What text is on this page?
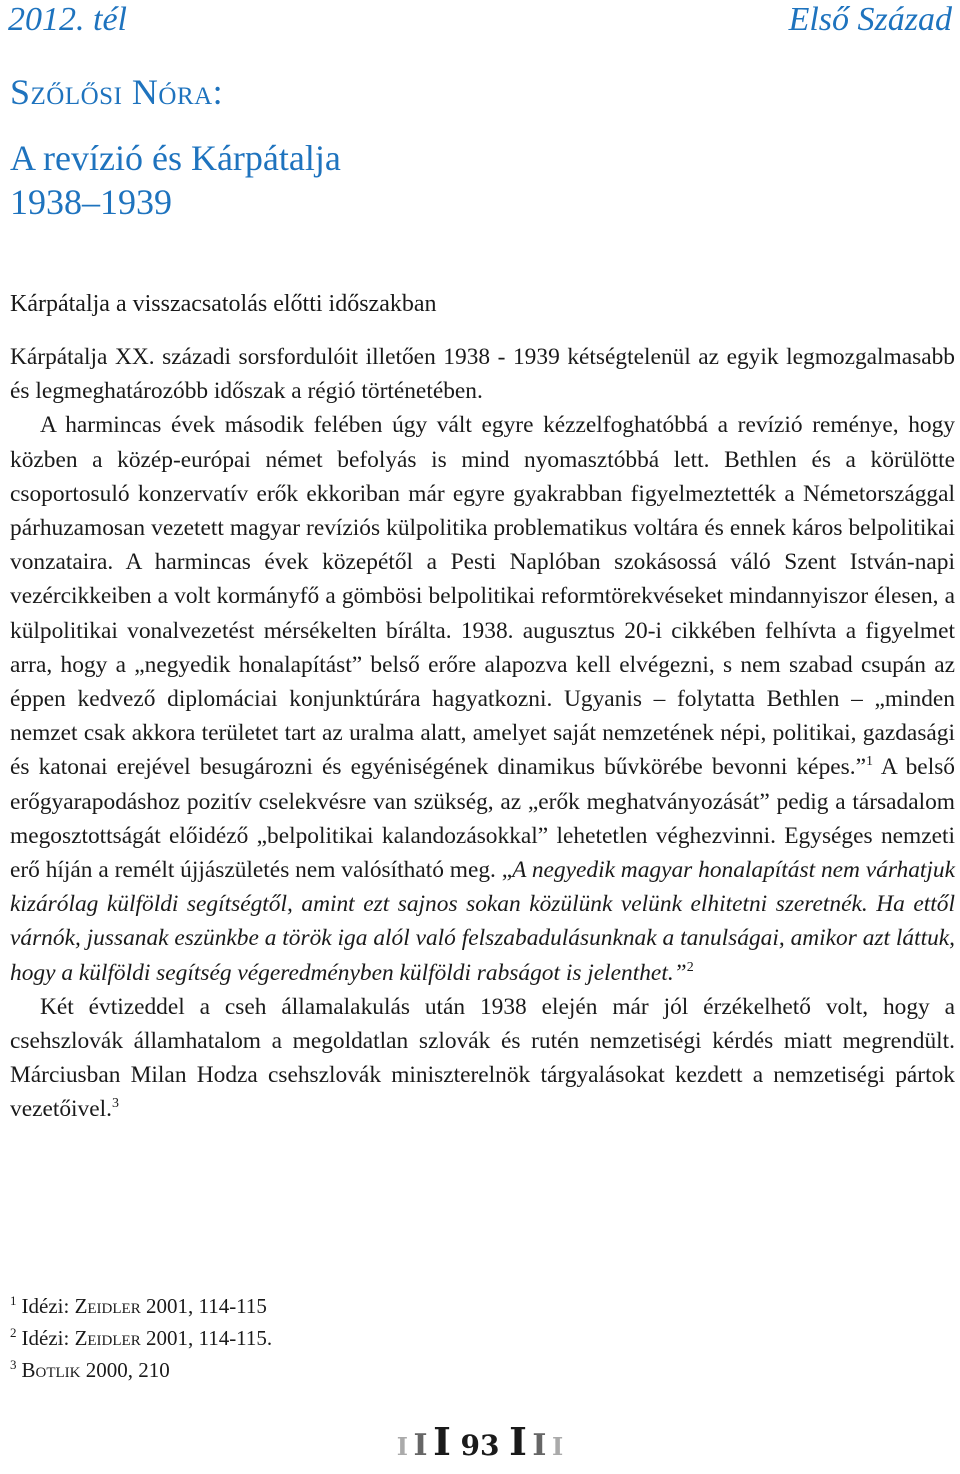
2012. tél	Első Század
Szőlősi Nóra:
A revízió és Kárpátalja
1938–1939
Kárpátalja a visszacsatolás előtti időszakban

Kárpátalja XX. századi sorsfordulóit illetően 1938 - 1939 kétségtelenül az egyik legmozgalmasabb és legmeghatározóbb időszak a régió történetében.

A harmincas évek második felében úgy vált egyre kézzelfoghatóbbá a revízió reménye, hogy közben a közép-európai német befolyás is mind nyomasztóbbá lett. Bethlen és a körülötte csoportosuló konzervatív erők ekkoriban már egyre gyakrabban figyelmeztették a Németországgal párhuzamosan vezetett magyar revíziós külpolitika problematikus voltára és ennek káros belpolitikai vonzataira. A harmincas évek közepétől a Pesti Naplóban szokásossá váló Szent István-napi vezércikkeiben a volt kormányfő a gömbösi belpolitikai reformtörekvéseket mindannyiszor élesen, a külpolitikai vonalvezetést mérsékelten bírálta. 1938. augusztus 20-i cikkében felhívta a figyelmet arra, hogy a „negyedik honalapítást” belső erőre alapozva kell elvégezni, s nem szabad csupán az éppen kedvező diplomáciai konjunktúrára hagyatkozni. Ugyanis – folytatta Bethlen – „minden nemzet csak akkora területet tart az uralma alatt, amelyet saját nemzetének népi, politikai, gazdasági és katonai erejével besugározni és egyéniségének dinamikus bűvkörébe bevonni képes.”$^1$ A belső erőgyarapodáshoz pozitív cselekvésre van szükség, az „erők meghatványozását” pedig a társadalom megosztottságát előidéző „belpolitikai kalandozásokkal” lehetetlen véghezvinni. Egységes nemzeti erő híján a remélt újjászületés nem valósítható meg. „A negyedik magyar honalapítást nem várhatjuk kizárólag külföldi segítségtől, amint ezt sajnos sokan közülünk velünk elhitetni szeretnék. Ha ettől várnók, jussanak eszünkbe a török iga alól való felszabadulásunknak a tanulságai, amikor azt láttuk, hogy a külföldi segítség végeredményben külföldi rabságot is jelenthet.”$^2$

Két évtizeddel a cseh államalakulás után 1938 elején már jól érzékelhető volt, hogy a csehszlovák államhatalom a megoldatlan szlovák és rutén nemzetiségi kérdés miatt megrendült. Márciusban Milan Hodza csehszlovák miniszterelnök tárgyalásokat kezdett a nemzetiségi pártok vezetőivel.$^3$

$^1$ Idézi: Zeidler 2001, 114-115
$^2$ Idézi: Zeidler 2001, 114-115.
$^3$ Botlik 2000, 210
I I I 93 I I I
